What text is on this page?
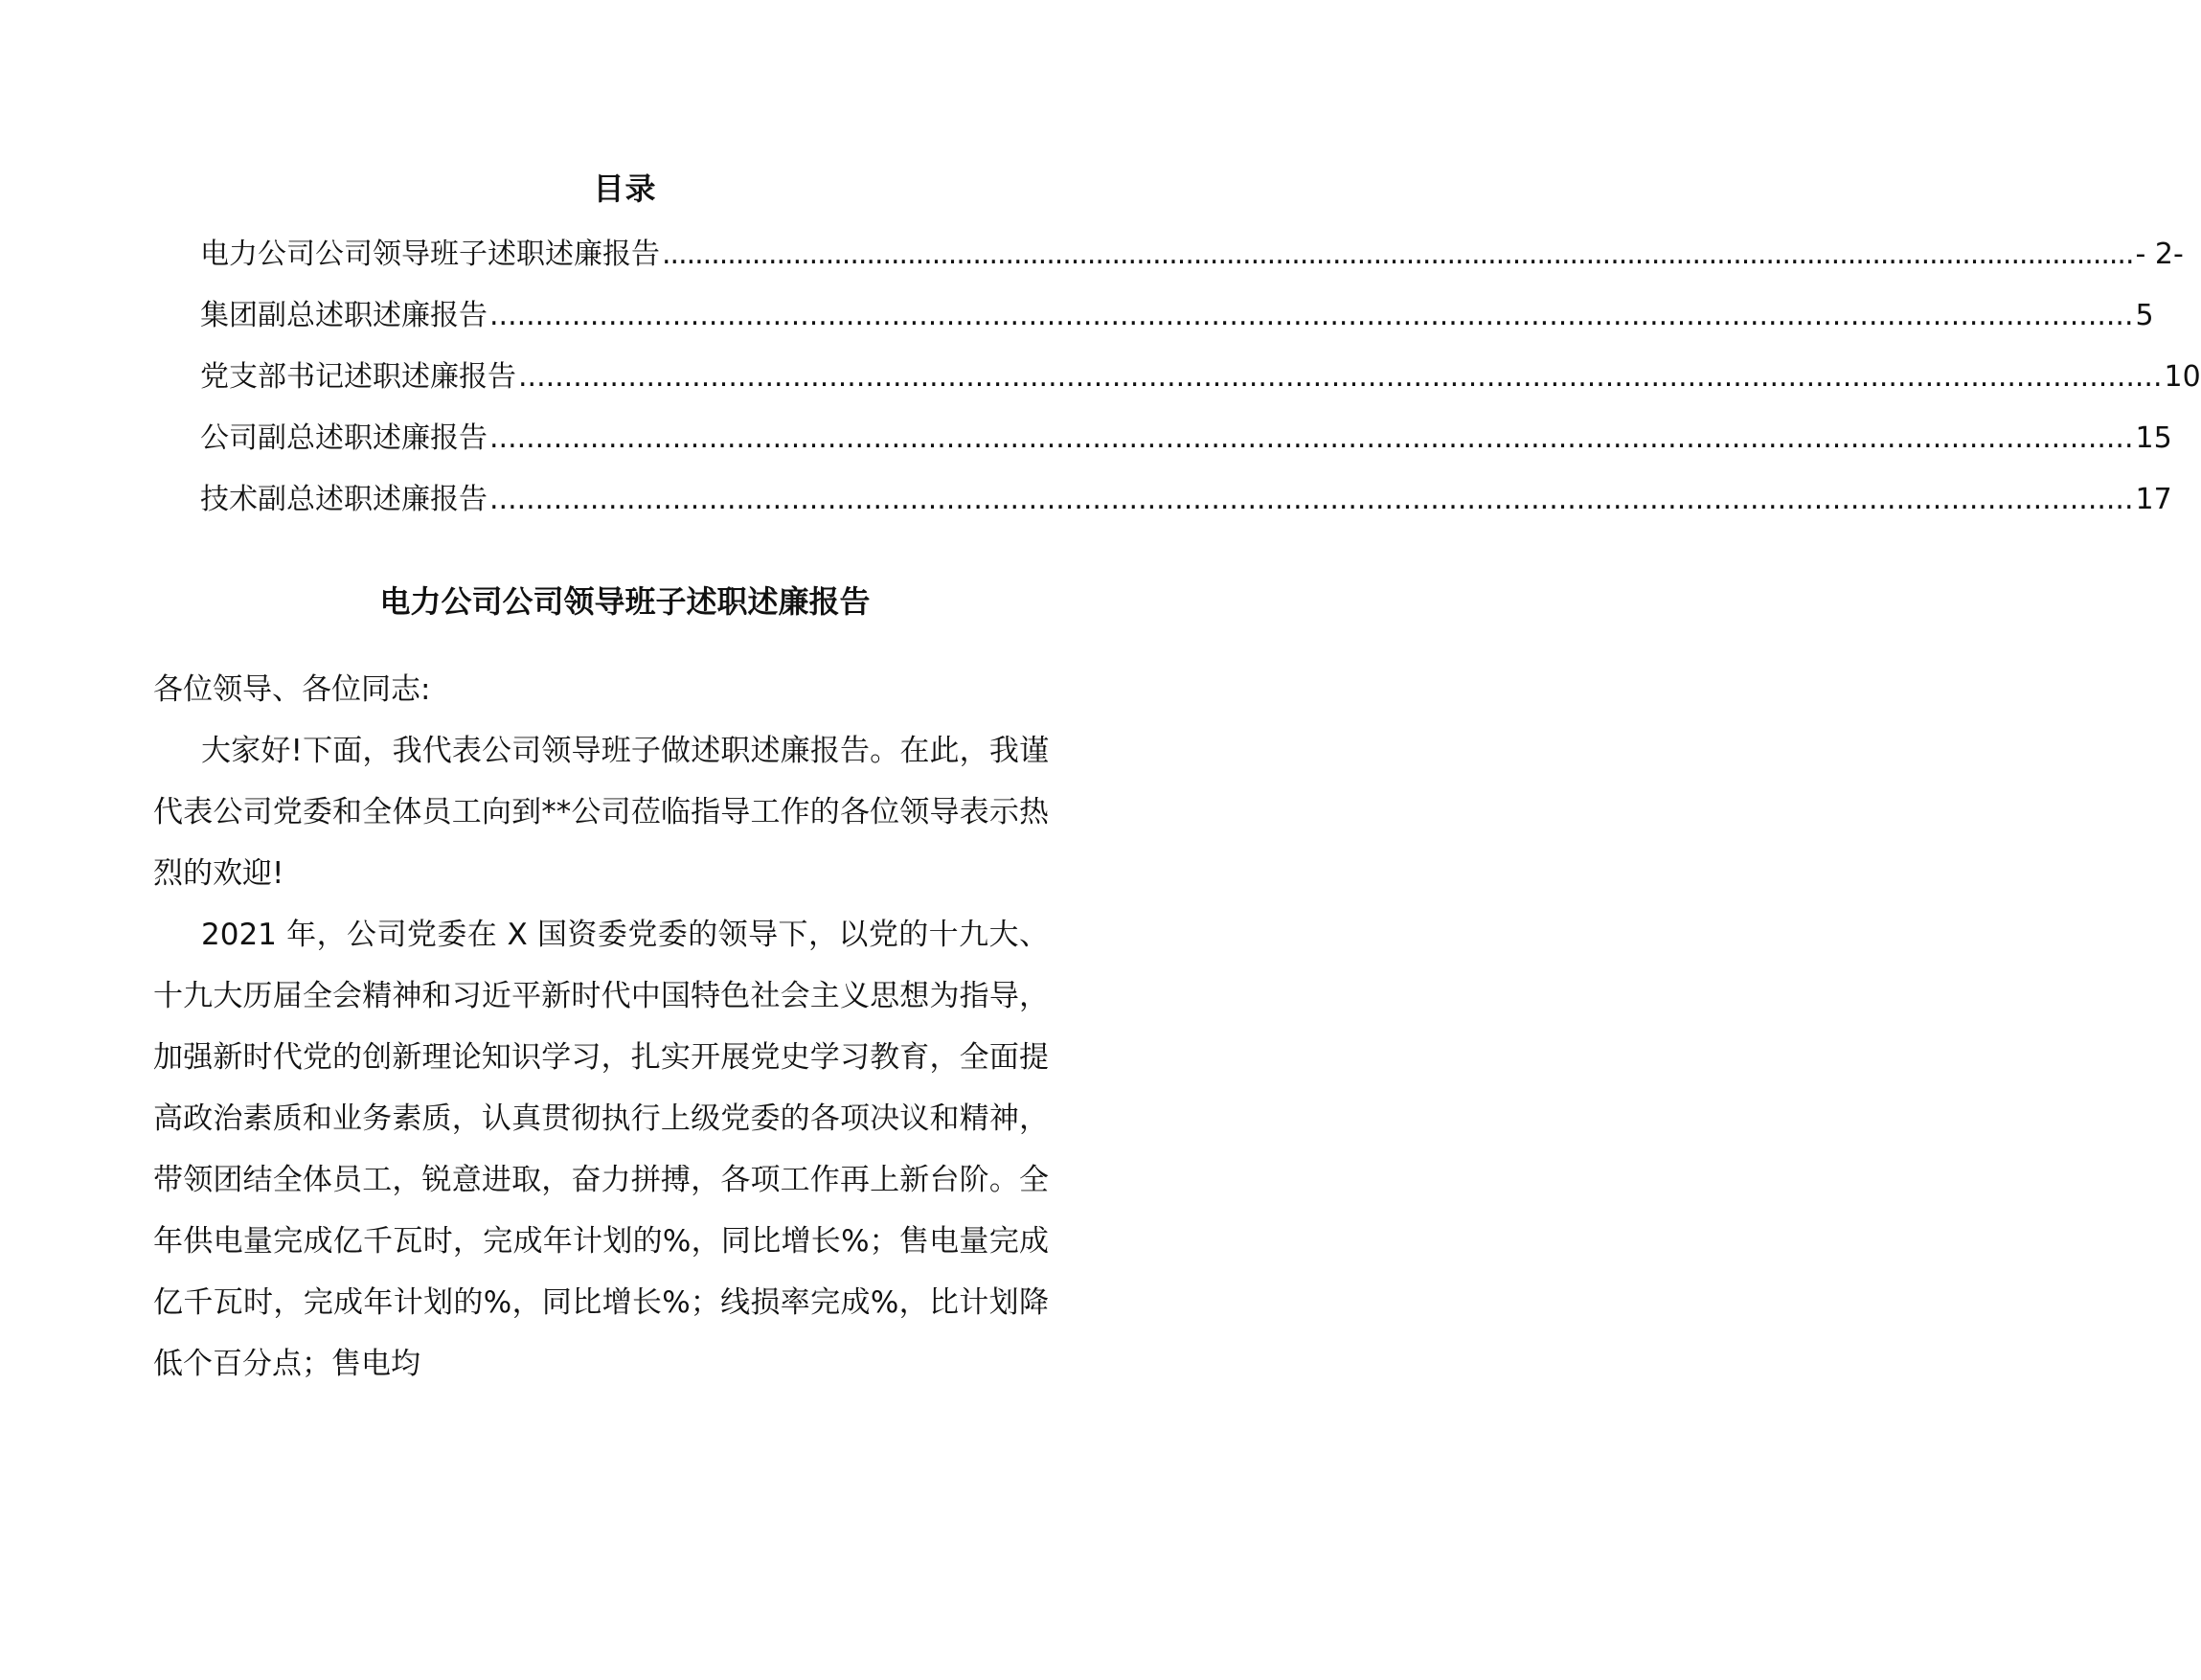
目录
电力公司公司领导班子述职述廉报告 .................................................................................................................................................................................... - 2-
集团副总述职述廉报告 .................................................................................................................................................................................... 5
党支部书记述职述廉报告 .................................................................................................................................................................................... 10
公司副总述职述廉报告 .................................................................................................................................................................................... 15
技术副总述职述廉报告 .................................................................................................................................................................................... 17
电力公司公司领导班子述职述廉报告

各位领导、各位同志:

大家好!下面，我代表公司领导班子做述职述廉报告。在此，我谨代表公司党委和全体员工向到**公司莅临指导工作的各位领导表示热烈的欢迎!

2021 年，公司党委在 X 国资委党委的领导下，以党的十九大、十九大历届全会精神和习近平新时代中国特色社会主义思想为指导，加强新时代党的创新理论知识学习，扎实开展党史学习教育，全面提高政治素质和业务素质，认真贯彻执行上级党委的各项决议和精神，带领团结全体员工，锐意进取，奋力拼搏，各项工作再上新台阶。全年供电量完成亿千瓦时，完成年计划的%，同比增长%；售电量完成亿千瓦时，完成年计划的%，同比增长%；线损率完成%，比计划降低个百分点；售电均
